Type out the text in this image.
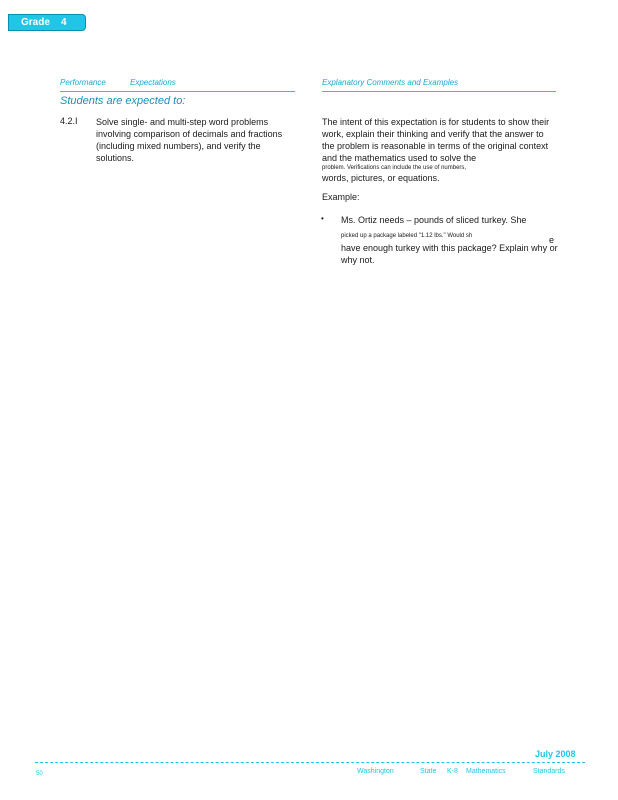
Grade 4
Performance	Expectations	Explanatory Comments and Examples
Students are expected to:
4.2.I Solve single- and multi-step word problems involving comparison of decimals and fractions (including mixed numbers), and verify the solutions.
The intent of this expectation is for students to show their work, explain their thinking and verify that the answer to the problem is reasonable in terms of the original context and the mathematics used to solve the
problem. Verifications can include the use of numbers,
words, pictures, or equations.
Example:
• Ms. Ortiz needs – pounds of sliced turkey. She
picked up a package labeled "1.12 lbs." Would sh
have enough turkey with this package? Explain why or why not.
e
July 2008
50	Washington	State K-8 Mathematics	Standards
